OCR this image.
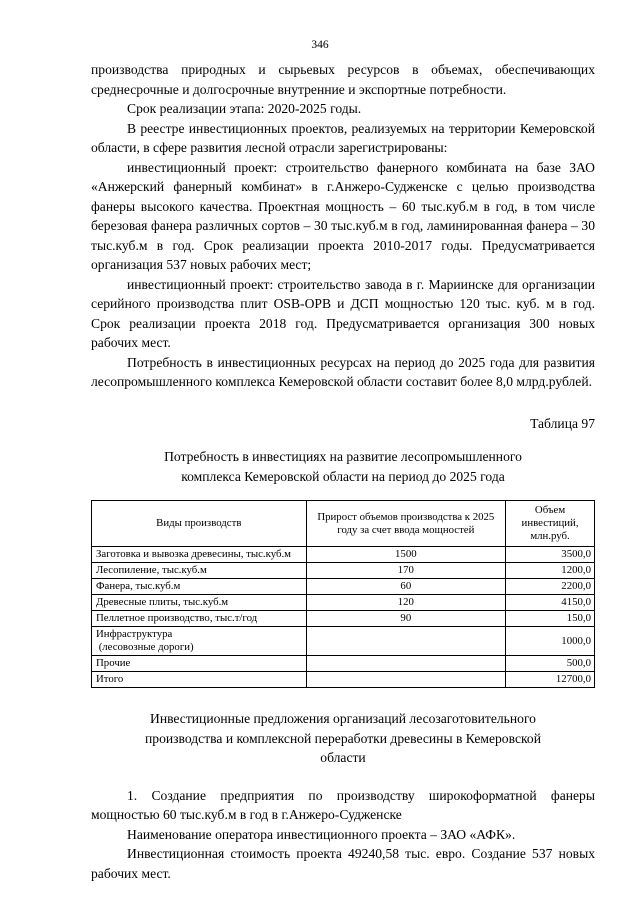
346

производства природных и сырьевых ресурсов в объемах, обеспечивающих среднесрочные и долгосрочные внутренние и экспортные потребности.

Срок реализации этапа: 2020-2025 годы.

В реестре инвестиционных проектов, реализуемых на территории Кемеровской области, в сфере развития лесной отрасли зарегистрированы:

инвестиционный проект: строительство фанерного комбината на базе ЗАО «Анжерский фанерный комбинат» в г.Анжеро-Судженске с целью производства фанеры высокого качества. Проектная мощность – 60 тыс.куб.м в год, в том числе березовая фанера различных сортов – 30 тыс.куб.м в год, ламинированная фанера – 30 тыс.куб.м в год. Срок реализации проекта 2010-2017 годы. Предусматривается организация 537 новых рабочих мест;

инвестиционный проект: строительство завода в г. Мариинске для организации серийного производства плит OSB-OPB и ДСП мощностью 120 тыс. куб. м в год. Срок реализации проекта 2018 год. Предусматривается организация 300 новых рабочих мест.

Потребность в инвестиционных ресурсах на период до 2025 года для развития лесопромышленного комплекса Кемеровской области составит более 8,0 млрд.рублей.

Таблица 97

Потребность в инвестициях на развитие лесопромышленного
комплекса Кемеровской области на период до 2025 года
Виды производств	Прирост объемов производства к 2025 году за счет ввода мощностей	Объем инвестиций, млн.руб.
Заготовка и вывозка древесины, тыс.куб.м	1500	3500,0
Лесопиление, тыс.куб.м	170	1200,0
Фанера, тыс.куб.м	60	2200,0
Древесные плиты, тыс.куб.м	120	4150,0
Пеллетное производство, тыс.т/год	90	150,0

Инфраструктура
(лесовозные дороги)		1000,0
Прочие		500,0
Итого		12700,0

Инвестиционные предложения организаций лесозаготовительного производства и комплексной переработки древесины в Кемеровской области

1. Создание предприятия по производству широкоформатной фанеры мощностью 60 тыс.куб.м в год в г.Анжеро-Судженске

Наименование оператора инвестиционного проекта – ЗАО «АФК».

Инвестиционная стоимость проекта 49240,58 тыс. евро. Создание 537 новых рабочих мест.
